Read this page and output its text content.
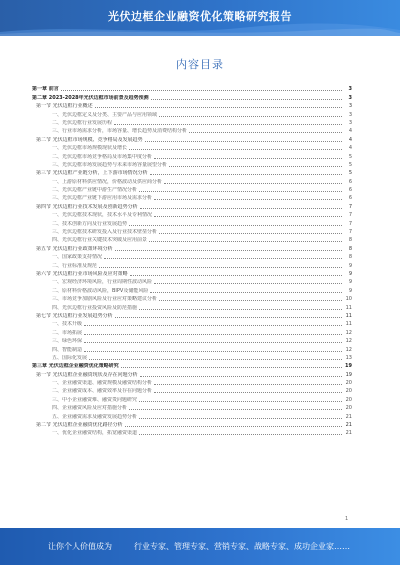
光伏边框企业融资优化策略研究报告
内容目录
第一章 前言	3
第二章 2023-2028年光伏边框市场前景及趋势预测	3
第一节 光伏边框行业概述	3
一、光伏边框定义及分类、主要产品与应用领域	3
二、光伏边框行业发展历程	3
三、行业市场需求分析，市场容量、增长趋势及消费结构分析	4
第二节 光伏边框市场规模、竞争格局及发展趋势	4
一、光伏边框市场规模现状及增长	4
二、光伏边框市场竞争格局及市场集中度分析	5
三、光伏边框市场发展趋势与未来市场容量展望分析	5
第三节 光伏边框产业链分析，上下游市场情况分析	5
一、上游原材料供应情况，价格波动及供应商分析	6
二、光伏边框产业链中游生产情况分析	6
三、光伏边框产业链下游应用市场及需求分析	6
第四节 光伏边框行业技术发展及创新趋势分析	7
一、光伏边框技术现状，技术水平及专利情况	7
二、技术创新方向及行业发展趋势	7
三、光伏边框技术研发投入及行业技术壁垒分析	7
四、光伏边框行业关键技术突破及应用前景	8
第五节 光伏边框行业政策环境分析	8
一、国家政策支持情况	8
二、行业标准及规范	9
第六节 光伏边框行业市场风险及应对策略	9
一、宏观经济环境风险，行业周期性波动风险	9
二、原材料价格波动风险，BIPV及储能风险	9
三、市场竞争加剧风险及行业应对策略建议分析	10
四、光伏边框行业投资风险及防范措施	11
第七节 光伏边框行业发展趋势分析	11
一、技术升级	11
二、市场拓展	12
三、绿色环保	12
四、智能制造	12
五、国际化发展	13
第三章 光伏边框企业融资优化策略研究	19
第一节 光伏边框企业融资现状及存在问题分析	19
一、企业融资渠道、融资规模及融资结构分析	20
二、企业融资成本、融资效率及存在问题分析	20
三、中小企业融资难、融资贵问题研究	20
四、企业融资风险及应对措施分析	20
五、企业融资需求及融资发展趋势分析	21
第二节 光伏边框企业融资优化路径分析	21
一、优化企业融资结构，拓宽融资渠道	21
1
让你个人价值成为	行业专家、管理专家、营销专家、战略专家、成功企业家……
